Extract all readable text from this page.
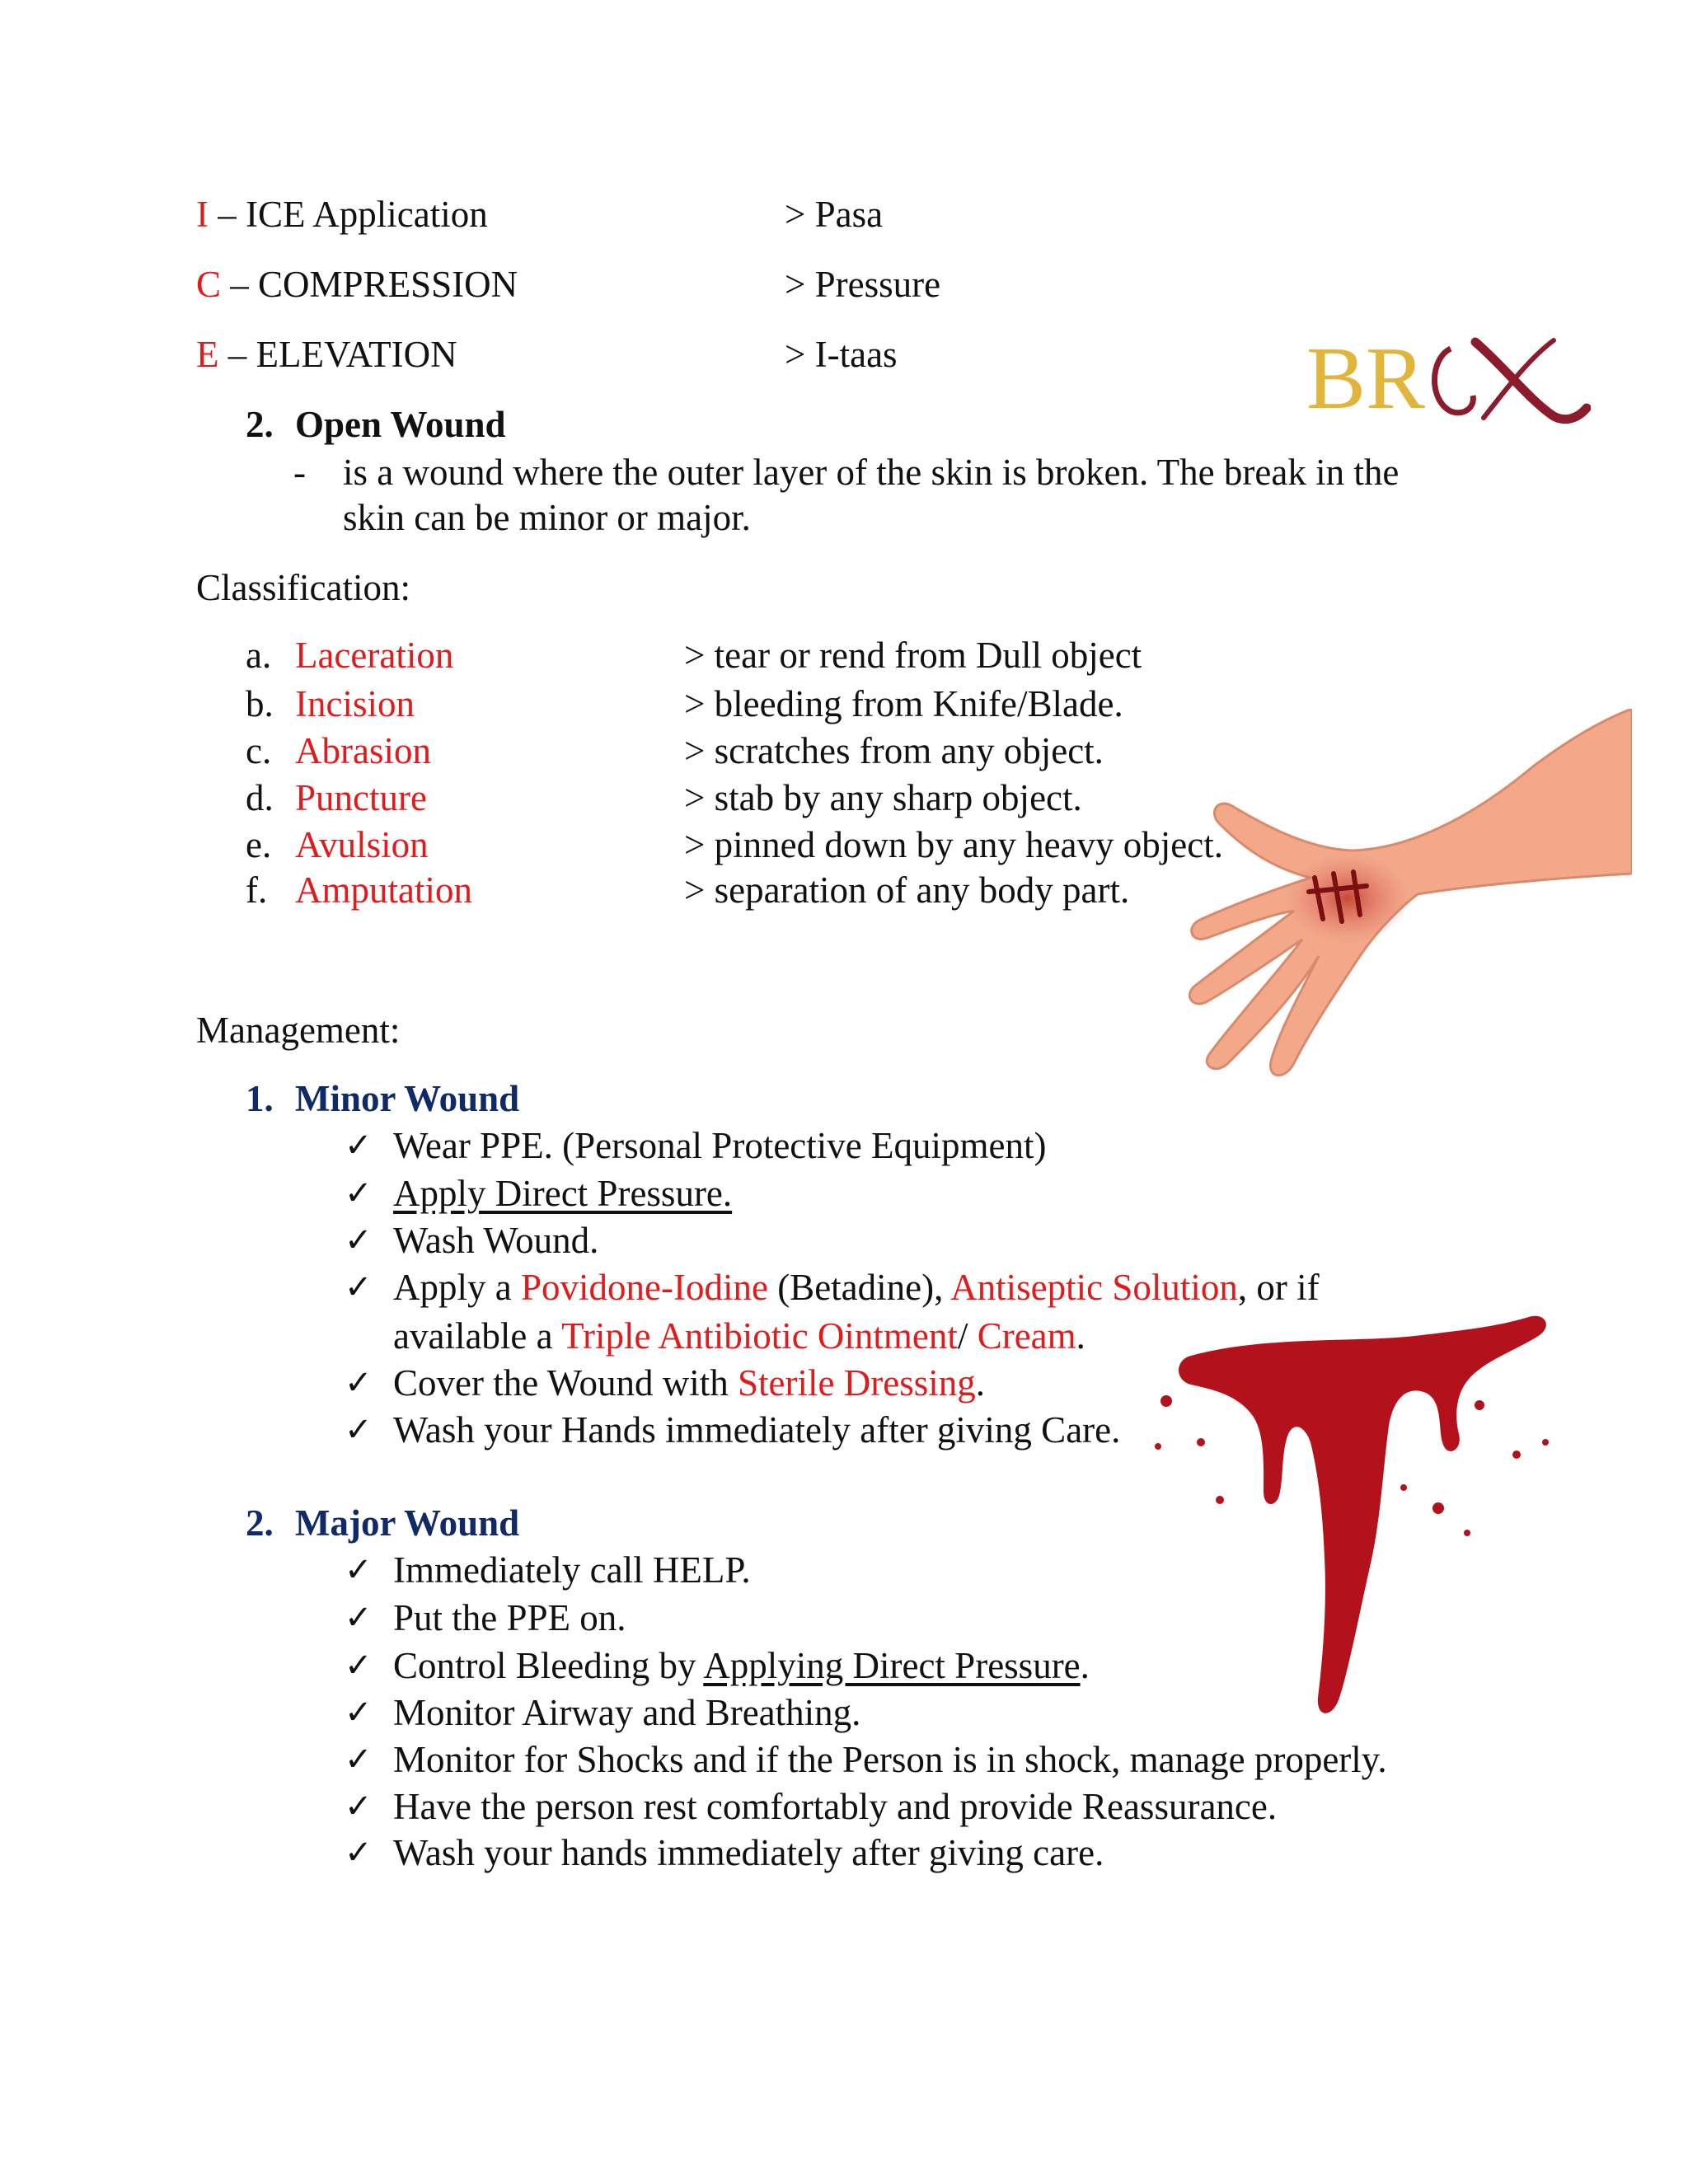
I – ICE Application	> Pasa
C – COMPRESSION	> Pressure
E – ELEVATION	> I-taas	BR
2. Open Wound
- is a wound where the outer layer of the skin is broken. The break in the
skin can be minor or major.
Classification:
a. Laceration	> tear or rend from Dull object
b. Incision	> bleeding from Knife/Blade.
c. Abrasion	> scratches from any object.
d. Puncture	> stab by any sharp object.
e. Avulsion	> pinned down by any heavy object.
f. Amputation	> separation of any body part.
Management:
1. Minor Wound
✓ Wear PPE. (Personal Protective Equipment)
✓ Apply Direct Pressure.
✓ Wash Wound.
✓ Apply a Povidone-Iodine (Betadine), Antiseptic Solution, or if
available a Triple Antibiotic Ointment/ Cream.
✓ Cover the Wound with Sterile Dressing.
✓ Wash your Hands immediately after giving Care.
2. Major Wound
✓ Immediately call HELP.
✓ Put the PPE on.
✓ Control Bleeding by Applying Direct Pressure.
✓ Monitor Airway and Breathing.
✓ Monitor for Shocks and if the Person is in shock, manage properly.
✓ Have the person rest comfortably and provide Reassurance.
✓ Wash your hands immediately after giving care.
